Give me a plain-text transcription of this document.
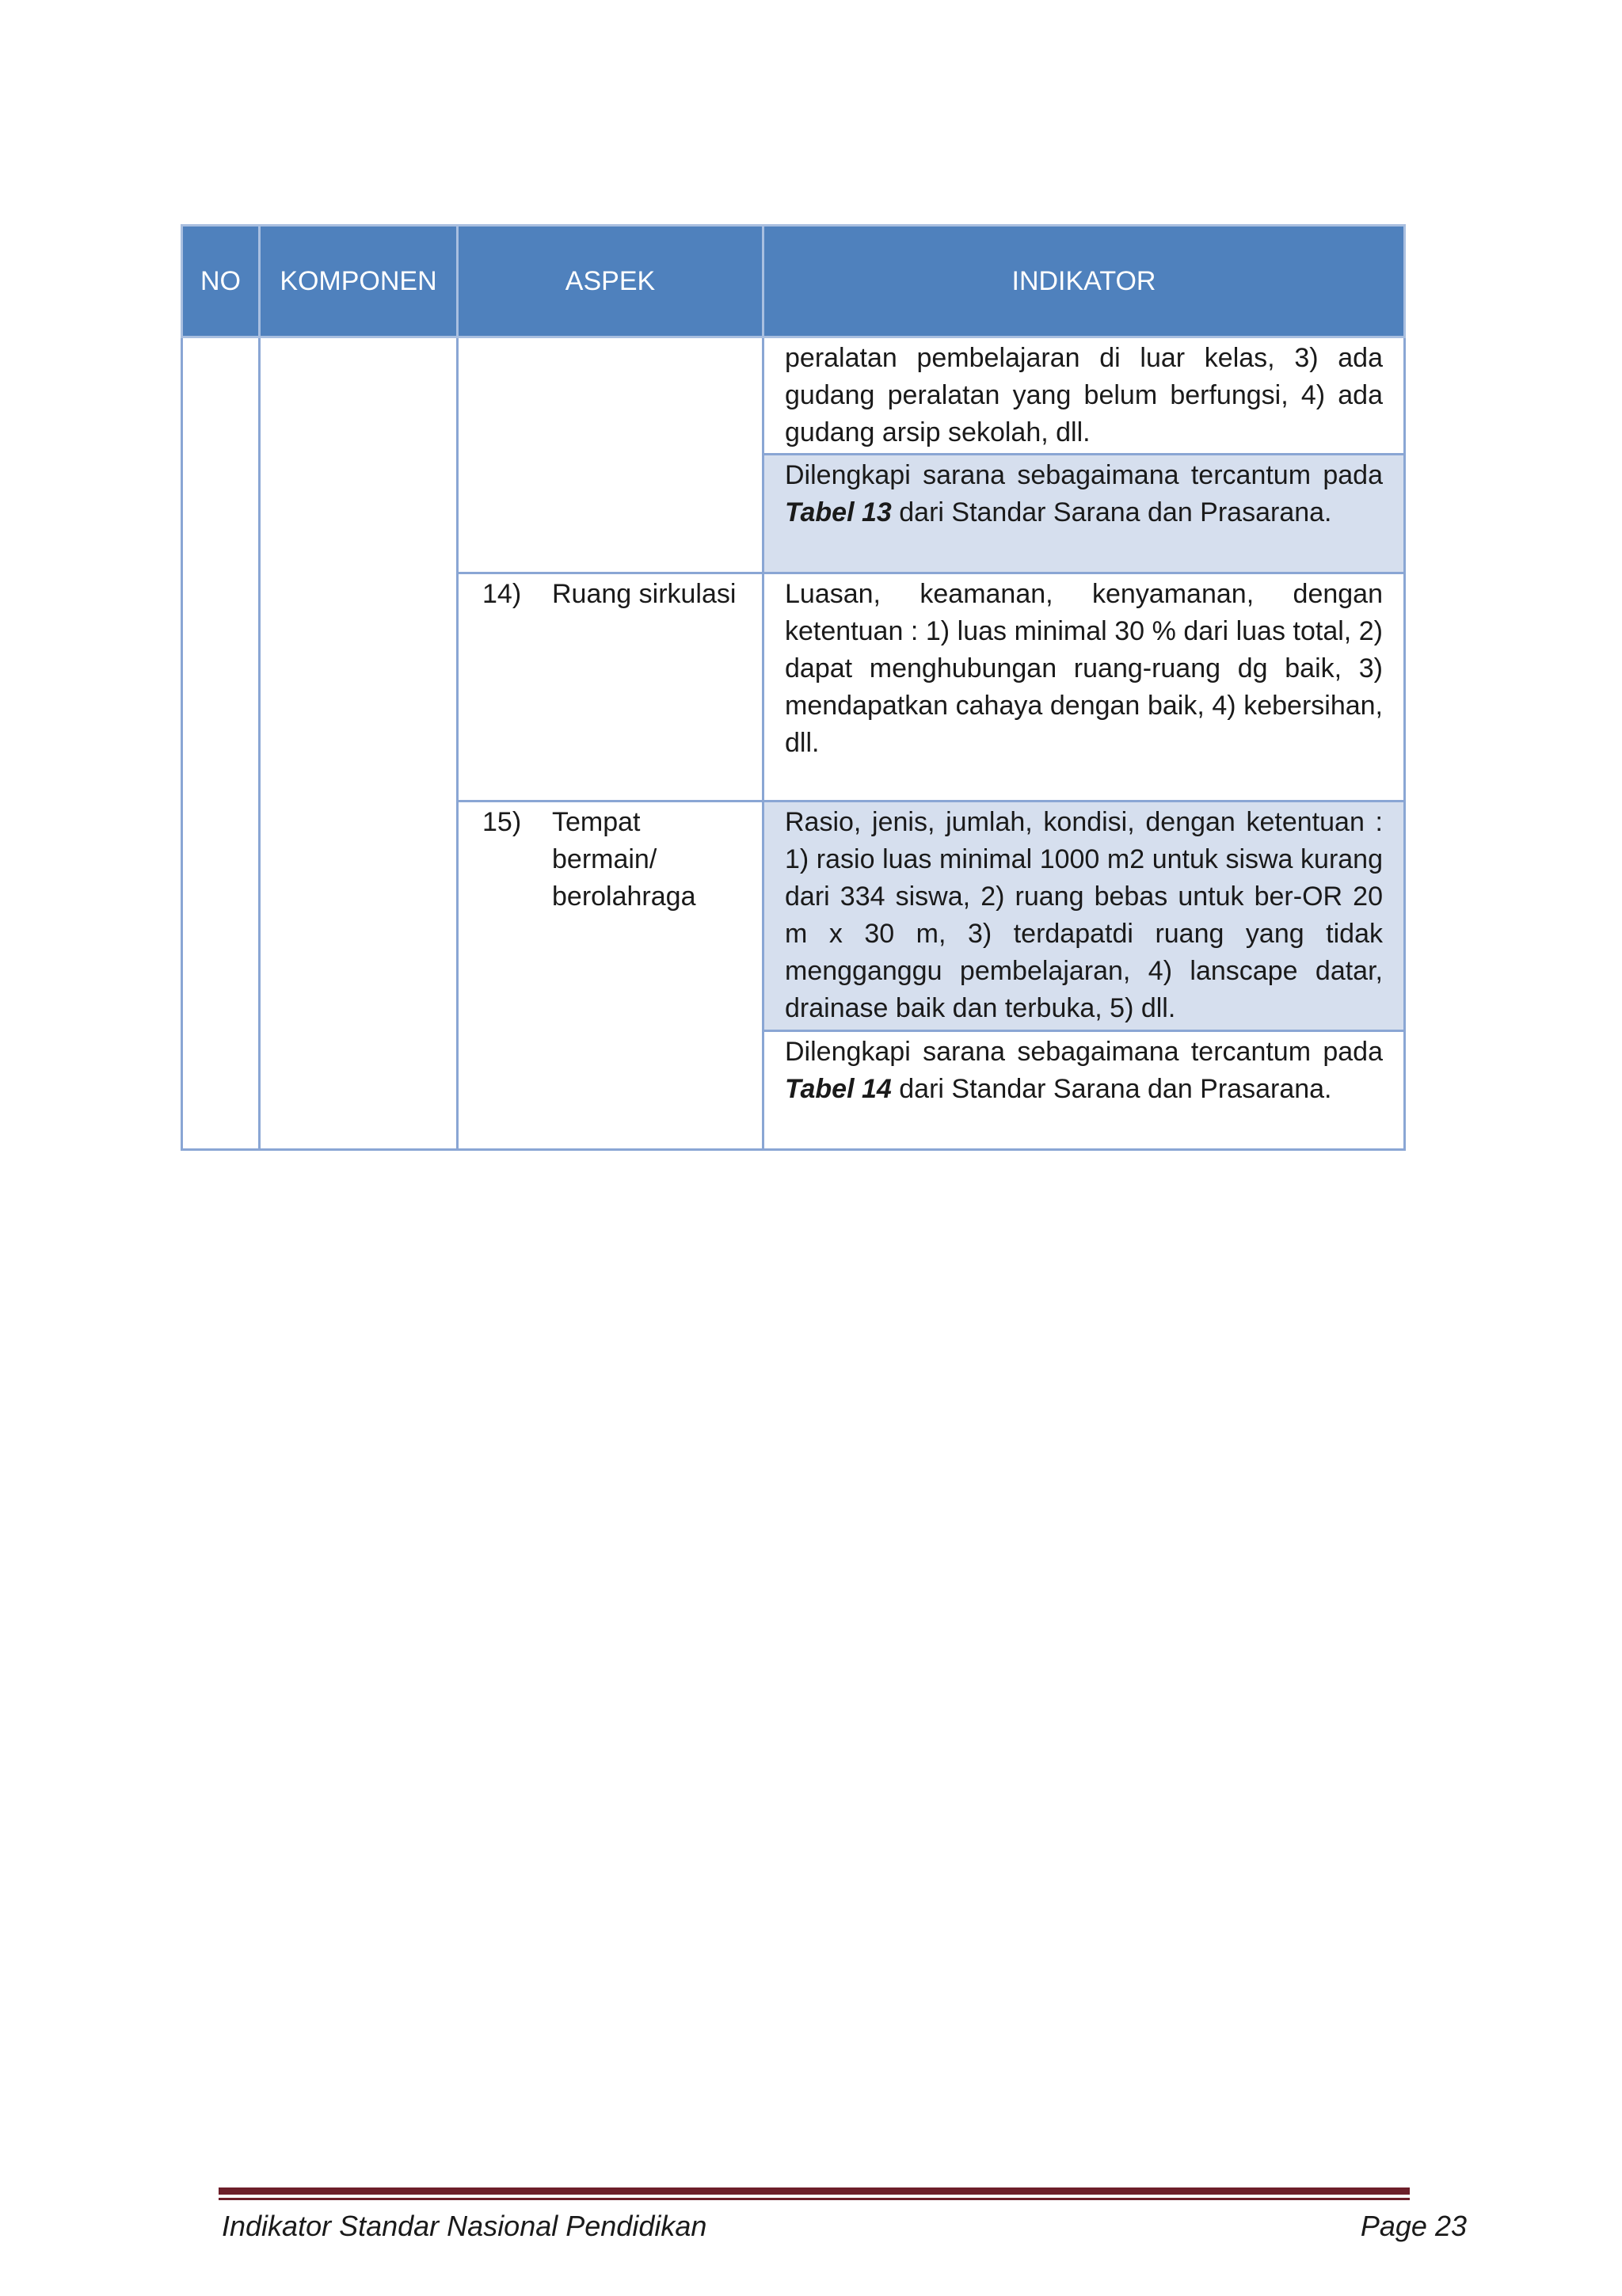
NO	KOMPONEN	ASPEK	INDIKATOR
			peralatan pembelajaran di luar kelas, 3) ada gudang peralatan yang belum berfungsi, 4) ada gudang arsip sekolah, dll.
			Dilengkapi sarana sebagaimana tercantum pada Tabel 13 dari Standar Sarana dan Prasarana.

		14) Ruang sirkulasi	Luasan, keamanan, kenyamanan, dengan ketentuan : 1) luas minimal 30 % dari luas total, 2) dapat menghubungan ruang-ruang dg baik, 3) mendapatkan cahaya dengan baik, 4) kebersihan, dll.

		15) Tempat bermain/ berolahraga	Rasio, jenis, jumlah, kondisi, dengan ketentuan : 1) rasio luas minimal 1000 m2 untuk siswa kurang dari 334 siswa, 2) ruang bebas untuk ber-OR 20 m x 30 m, 3) terdapatdi ruang yang tidak mengganggu pembelajaran, 4) lanscape datar, drainase baik dan terbuka, 5) dll.
			Dilengkapi sarana sebagaimana tercantum pada Tabel 14 dari Standar Sarana dan Prasarana.
Indikator Standar Nasional Pendidikan	Page 23
